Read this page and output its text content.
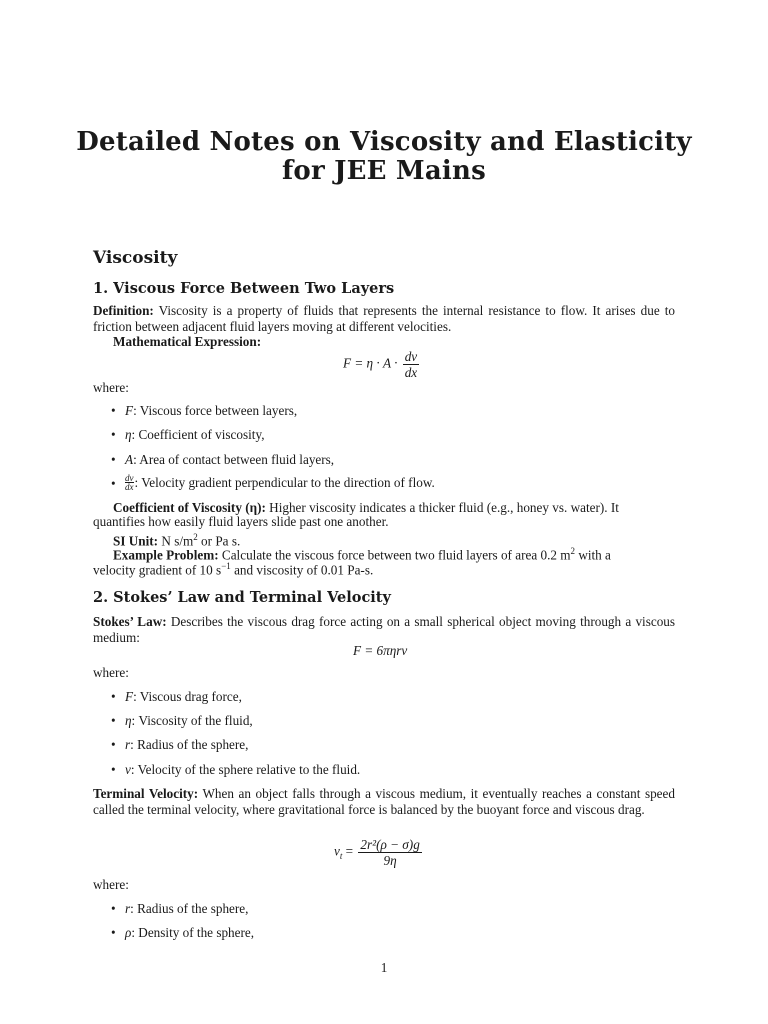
Detailed Notes on Viscosity and Elasticity
for JEE Mains
Viscosity
1. Viscous Force Between Two Layers
Definition: Viscosity is a property of fluids that represents the internal resistance to flow. It arises due to friction between adjacent fluid layers moving at different velocities.
Mathematical Expression:
$F = \eta \cdot A \cdot \frac{dv}{dx}$
where:
• F: Viscous force between layers,
• η: Coefficient of viscosity,
• A: Area of contact between fluid layers,
• $\frac{dv}{dx}$ : Velocity gradient perpendicular to the direction of flow.
Coefficient of Viscosity (η): Higher viscosity indicates a thicker fluid (e.g., honey vs. water). It
quantifies how easily fluid layers slide past one another.
SI Unit: N $s/m^2$ or Pa s.
Example Problem: Calculate the viscous force between two fluid layers of area 0.2 $m^2$ with a
velocity gradient of 10 $s^{-1}$ and viscosity of 0.01 Pa-s.
2. Stokes’ Law and Terminal Velocity
Stokes’ Law: Describes the viscous drag force acting on a small spherical object moving through a viscous medium:
F = 6πηrv
where:
• F: Viscous drag force,
• η: Viscosity of the fluid,
• r: Radius of the sphere,
• v: Velocity of the sphere relative to the fluid.
Terminal Velocity: When an object falls through a viscous medium, it eventually reaches a constant speed called the terminal velocity, where gravitational force is balanced by the buoyant force and viscous drag.
$v_t = \frac{\text{2r²(ρ − σ)g}}{9\eta}$
where:
• r: Radius of the sphere,
• ρ: Density of the sphere,
1
